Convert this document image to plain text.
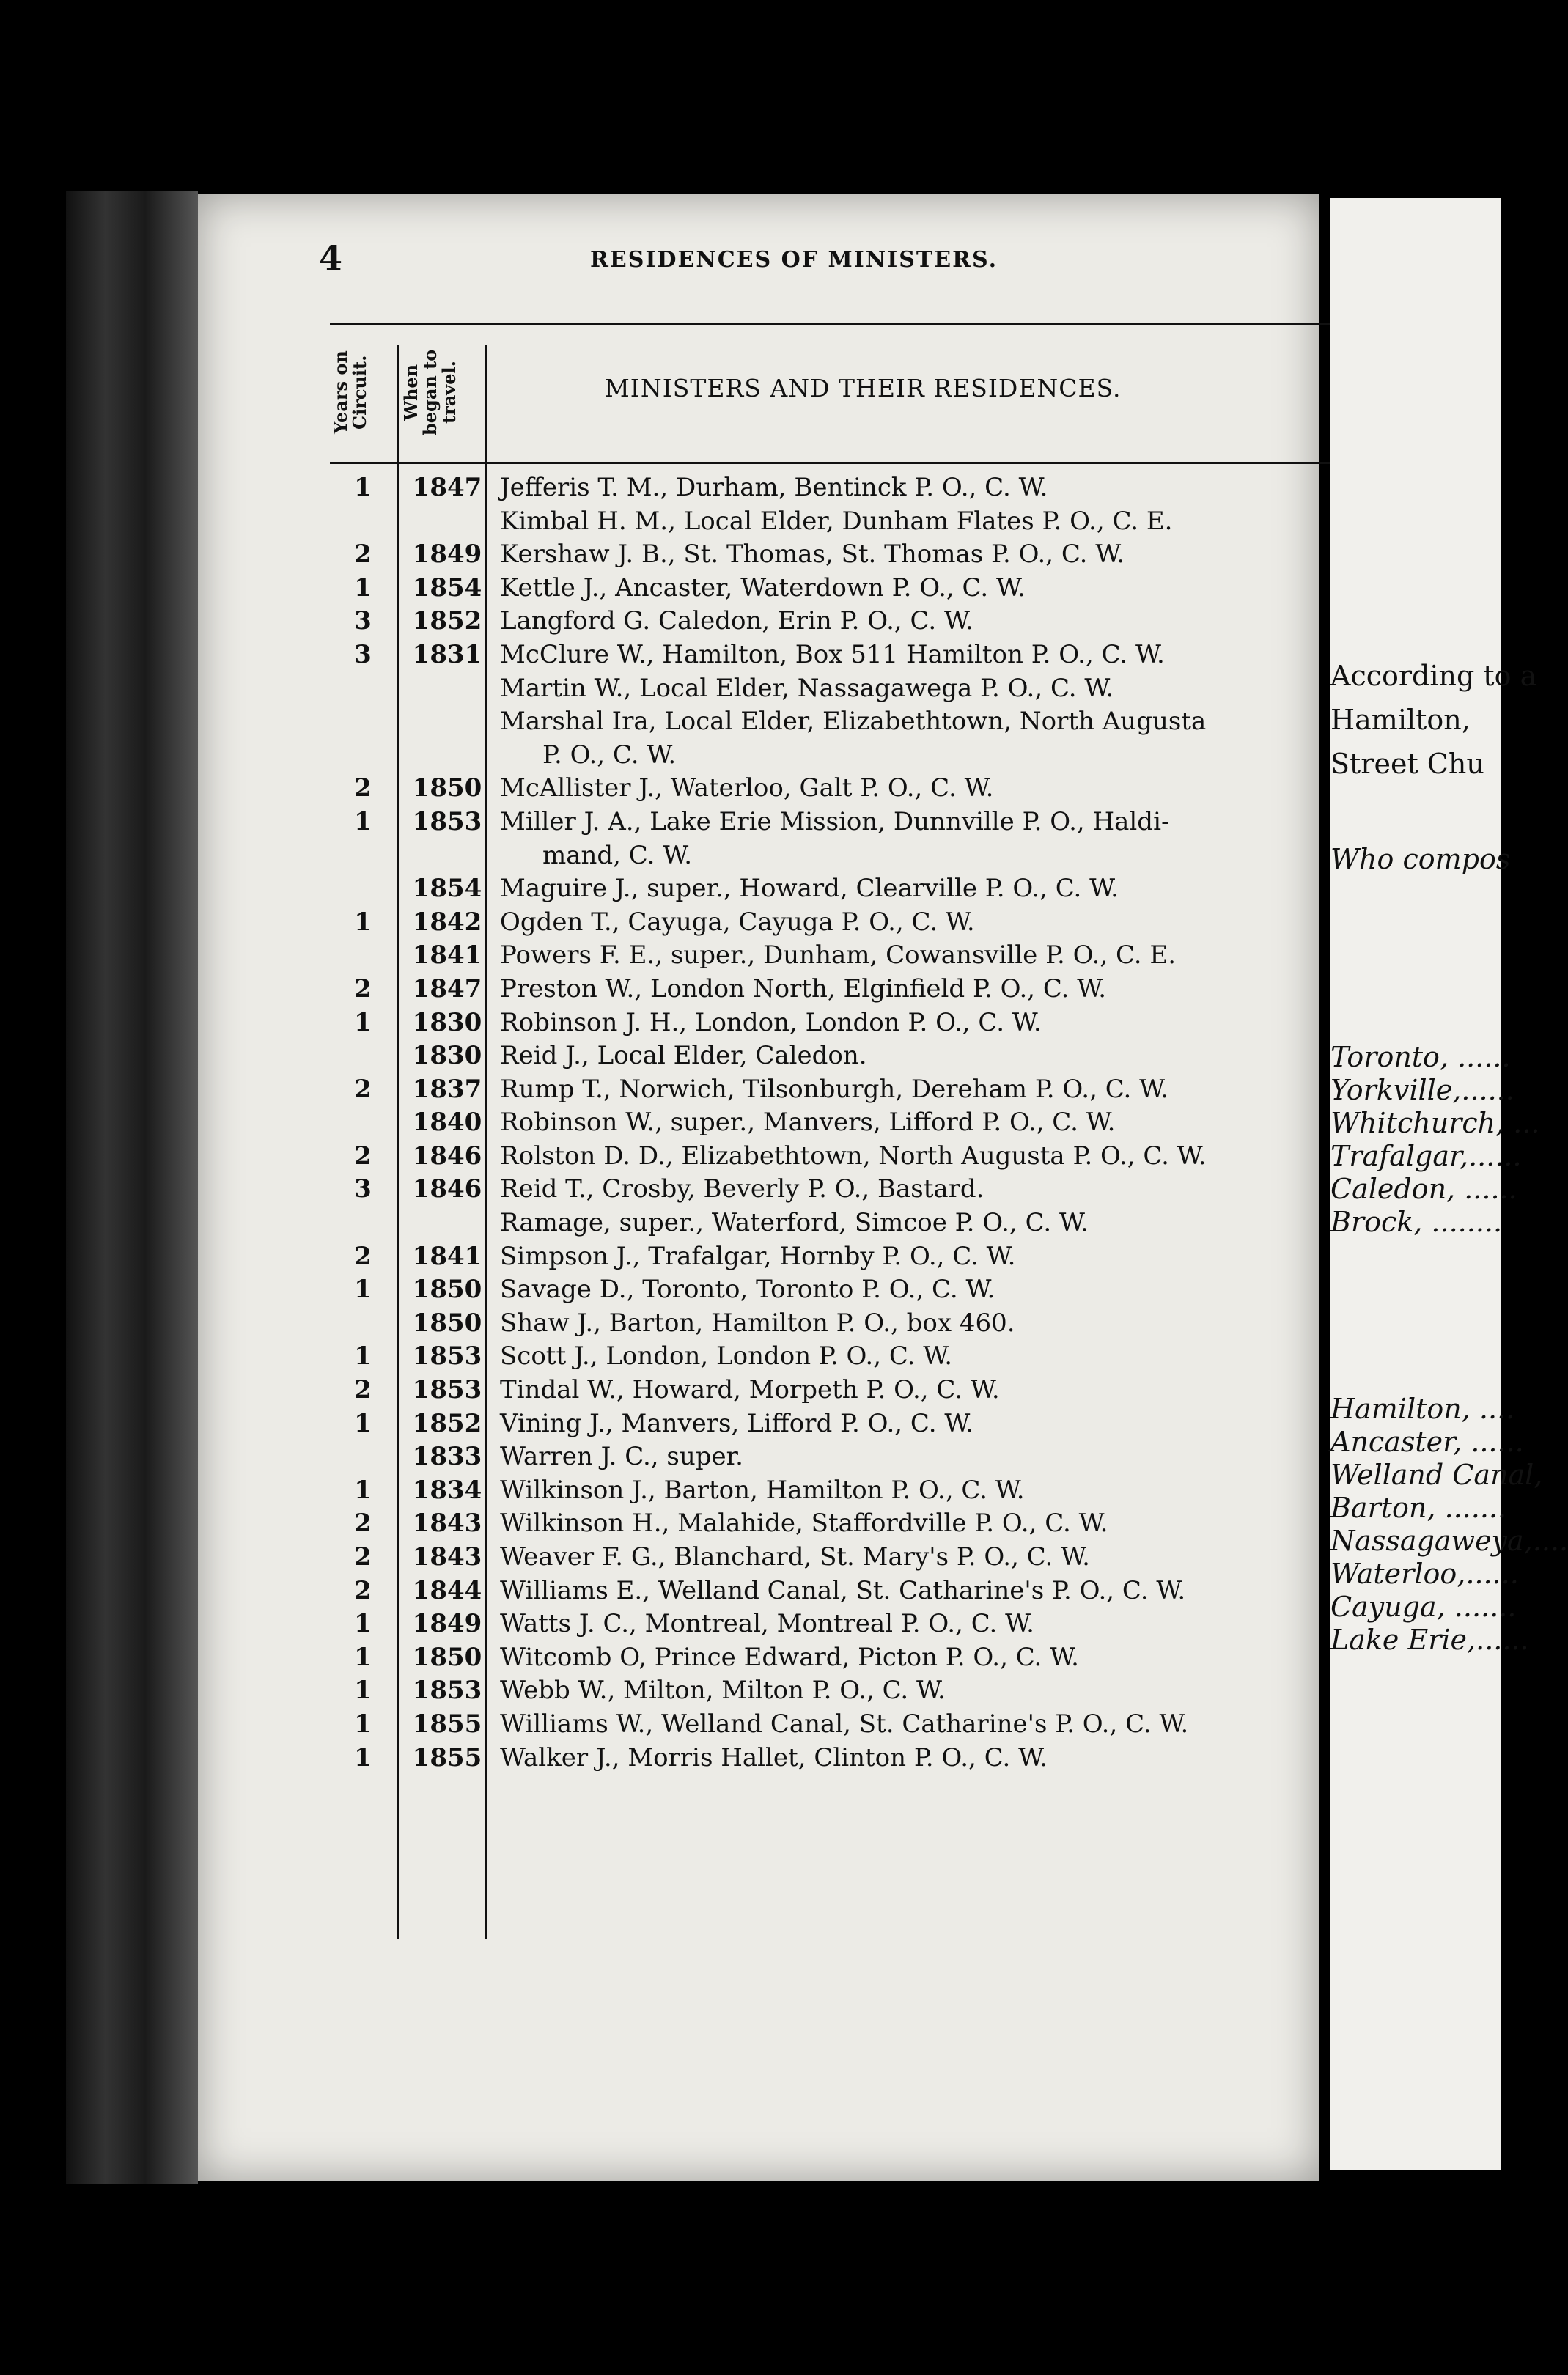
4	RESIDENCES OF MINISTERS.
Years on Circuit. When began to travel.	MINISTERS AND THEIR RESIDENCES.
1	1847 Jefferis T. M., Durham, Bentinck P. O., C. W.
Kimbal H. M., Local Elder, Dunham Flates P. O., C. E.
2	1849 Kershaw J. B., St. Thomas, St. Thomas P. O., C. W.
1	1854 Kettle J., Ancaster, Waterdown P. O., C. W.
3	1852 Langford G. Caledon, Erin P. O., C. W.
3	1831 McClure W., Hamilton, Box 511 Hamilton P. O., C. W.
Martin W., Local Elder, Nassagawega P. O., C. W.
Marshal Ira, Local Elder, Elizabethtown, North Augusta
P. O., C. W.
2	1850 McAllister J., Waterloo, Galt P. O., C. W.
1	1853 Miller J. A., Lake Erie Mission, Dunnville P. O., Haldi-
mand, C. W.
1854 Maguire J., super., Howard, Clearville P. O., C. W.
1	1842 Ogden T., Cayuga, Cayuga P. O., C. W.
1841 Powers F. E., super., Dunham, Cowansville P. O., C. E.
2	1847 Preston W., London North, Elginfield P. O., C. W.
1	1830 Robinson J. H., London, London P. O., C. W.
1830 Reid J., Local Elder, Caledon.
2	1837 Rump T., Norwich, Tilsonburgh, Dereham P. O., C. W.
1840 Robinson W., super., Manvers, Lifford P. O., C. W.
2	1846 Rolston D. D., Elizabethtown, North Augusta P. O., C. W.
3	1846 Reid T., Crosby, Beverly P. O., Bastard.
Ramage, super., Waterford, Simcoe P. O., C. W.
2	1841 Simpson J., Trafalgar, Hornby P. O., C. W.
1	1850 Savage D., Toronto, Toronto P. O., C. W.
1850 Shaw J., Barton, Hamilton P. O., box 460.
1	1853 Scott J., London, London P. O., C. W.
2	1853 Tindal W., Howard, Morpeth P. O., C. W.
1	1852 Vining J., Manvers, Lifford P. O., C. W.
1833 Warren J. C., super.
1	1834 Wilkinson J., Barton, Hamilton P. O., C. W.
2	1843 Wilkinson H., Malahide, Staffordville P. O., C. W.
2	1843 Weaver F. G., Blanchard, St. Mary's P. O., C. W.
2	1844 Williams E., Welland Canal, St. Catharine's P. O., C. W.
1	1849 Watts J. C., Montreal, Montreal P. O., C. W.
1	1850 Witcomb O, Prince Edward, Picton P. O., C. W.
1	1853 Webb W., Milton, Milton P. O., C. W.
1	1855 Williams W., Welland Canal, St. Catharine's P. O., C. W.
1	1855 Walker J., Morris Hallet, Clinton P. O., C. W.
According to a
Hamilton,
Street Chu
Who compos
Toronto, ......
Yorkville,......
Whitchurch, ...
Trafalgar,......
Caledon, ......
Brock, ........
Hamilton, ....
Ancaster, ......
Welland Canal,
Barton, .......
Nassagaweya,....
Waterloo,......
Cayuga, .......
Lake Erie,......
